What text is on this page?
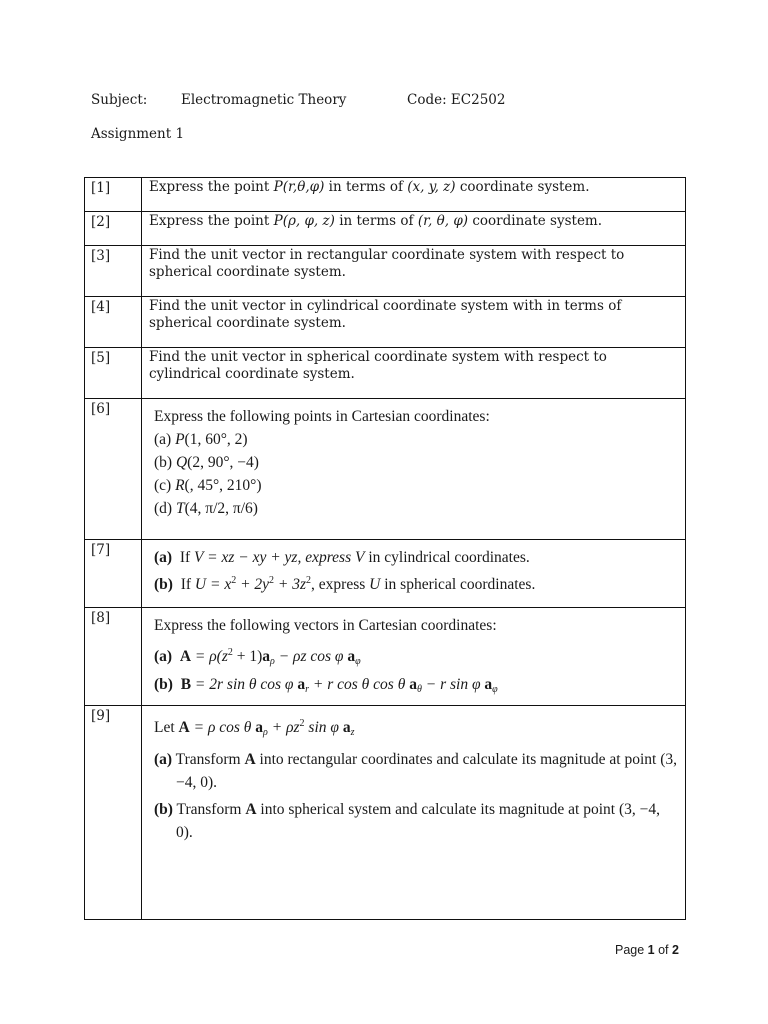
Subject: Electromagnetic Theory	Code: EC2502
Assignment 1
[1]	Express the point P(r,θ,φ) in terms of (x, y, z) coordinate system.
[2]	Express the point P(ρ, φ, z) in terms of (r, θ, φ) coordinate system.
[3]	Find the unit vector in rectangular coordinate system with respect to spherical coordinate system.
[4]	Find the unit vector in cylindrical coordinate system with in terms of spherical coordinate system.
[5]	Find the unit vector in spherical coordinate system with respect to cylindrical coordinate system.
[6]	Express the following points in Cartesian coordinates:
(a) P(1, 60°, 2)
(b) Q(2, 90°, −4)
(c) R(, 45°, 210°)
(d) T(4, π/2, π/6)

[7]	(a) If V = xz − xy + yz, express V in cylindrical coordinates.
(b) If $U = x^2 + 2y^2 + 3z^2$, express U in spherical coordinates.

[8]	Express the following vectors in Cartesian coordinates:
(a) $A = \rho(z^2 + 1)a_\rho - \rho z$ cos φ $a_\varphi$
(b) B = 2r sin θ cos φ $a_r + r$ cos θ cos θ $a_\theta - r$ sin φ $a_\varphi$

[9]	Let A = ρ cos θ $a_\rho + \rho z^2$ sin φ $a_z$
(a) Transform A into rectangular coordinates and calculate its magnitude at point (3, −4, 0).
(b) Transform A into spherical system and calculate its magnitude at point (3, −4, 0).
Page 1 of 2
